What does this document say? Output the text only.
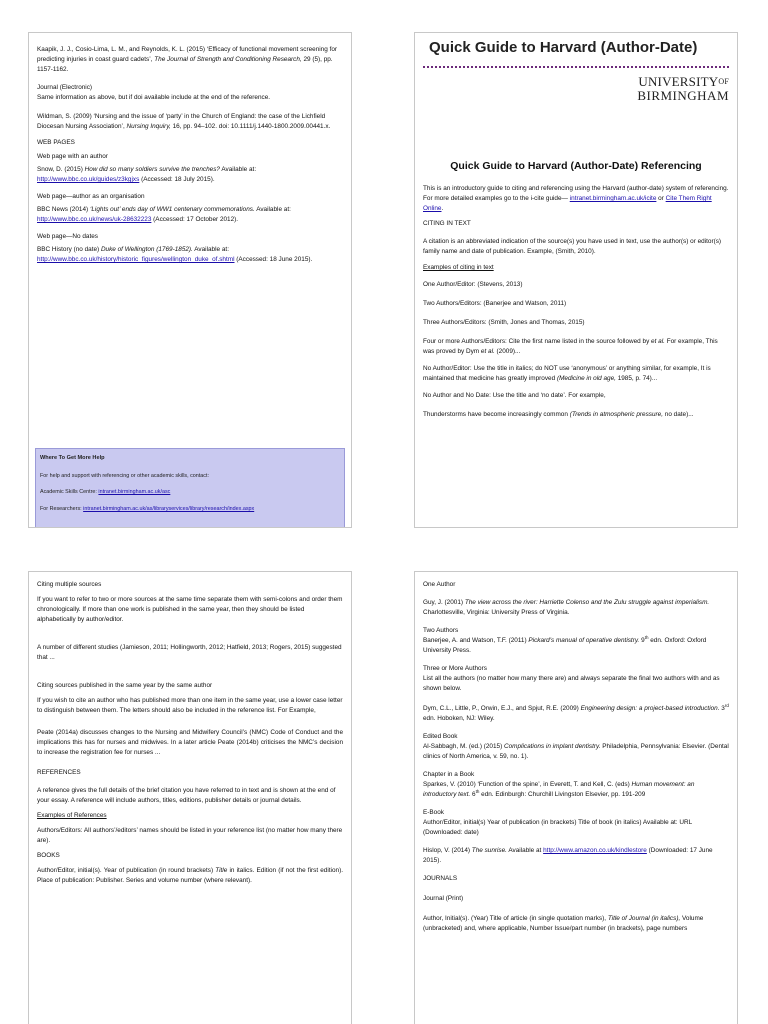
Kaapik, J. J., Cosio-Lima, L. M., and Reynolds, K. L. (2015) ‘Efficacy of functional movement screening for predicting injuries in coast guard cadets’, The Journal of Strength and Conditioning Research, 29 (5), pp. 1157-1162.

Journal (Electronic)

Same information as above, but if doi available include at the end of the reference.

Wildman, S. (2009) ‘Nursing and the issue of ‘party’ in the Church of England: the case of the Lichfield Diocesan Nursing Association’, Nursing Inquiry, 16, pp. 94–102. doi: 10.1111/j.1440-1800.2009.00441.x.

WEB PAGES
Web page with an author

Snow, D. (2015) How did so many soldiers survive the trenches? Available at: http://www.bbc.co.uk/guides/z3kgjxs (Accessed: 18 July 2015).

Web page—author as an organisation

BBC News (2014) ‘Lights out’ ends day of WW1 centenary commemorations. Available at: http://www.bbc.co.uk/news/uk-28632223 (Accessed: 17 October 2012).

Web page—No dates

BBC History (no date) Duke of Wellington (1769-1852). Available at: http://www.bbc.co.uk/history/historic_figures/wellington_duke_of.shtml (Accessed: 18 June 2015).

Where To Get More Help
For help and support with referencing or other academic skills, contact:
Academic Skills Centre: intranet.birmingham.ac.uk/asc
For Researchers: intranet.birmingham.ac.uk/as/libraryservices/library/research/index.aspx
Quick Guide to Harvard (Author-Date)
$UNIVERSITY^{OF}$
BIRMINGHAM
Quick Guide to Harvard (Author-Date) Referencing

This is an introductory guide to citing and referencing using the Harvard (author-date) system of referencing. For more detailed examples go to the i-cite guide— intranet.birmingham.ac.uk/icite or Cite Them Right Online.

CITING IN TEXT

A citation is an abbreviated indication of the source(s) you have used in text, use the author(s) or editor(s) family name and date of publication. Example, (Smith, 2010).

Examples of citing in text

One Author/Editor: (Stevens, 2013)

Two Authors/Editors: (Banerjee and Watson, 2011)

Three Authors/Editors: (Smith, Jones and Thomas, 2015)

Four or more Authors/Editors: Cite the first name listed in the source followed by et al. For example, This was proved by Dym et al. (2009)...

No Author/Editor: Use the title in italics; do NOT use ‘anonymous’ or anything similar, for example, It is maintained that medicine has greatly improved (Medicine in old age, 1985, p. 74)...

No Author and No Date: Use the title and ‘no date’. For example,

Thunderstorms have become increasingly common (Trends in atmospheric pressure, no date)...

Citing multiple sources

If you want to refer to two or more sources at the same time separate them with semi-colons and order them chronologically. If more than one work is published in the same year, then they should be listed alphabetically by author/editor.

A number of different studies (Jamieson, 2011; Hollingworth, 2012; Hatfield, 2013; Rogers, 2015) suggested that ...

Citing sources published in the same year by the same author

If you wish to cite an author who has published more than one item in the same year, use a lower case letter to distinguish between them. The letters should also be included in the reference list. For Example,

Peate (2014a) discusses changes to the Nursing and Midwifery Council’s (NMC) Code of Conduct and the implications this has for nurses and midwives. In a later article Peate (2014b) criticises the NMC’s decision to increase the registration fee for nurses ...

REFERENCES

A reference gives the full details of the brief citation you have referred to in text and is shown at the end of your essay. A reference will include authors, titles, editions, publisher details or journal details.

Examples of References

Authors/Editors: All authors’/editors’ names should be listed in your reference list (no matter how many there are).

BOOKS

Author/Editor, initial(s). Year of publication (in round brackets) Title in italics. Edition (if not the first edition). Place of publication: Publisher. Series and volume number (where relevant).

One Author

Guy, J. (2001) The view across the river: Harriette Colenso and the Zulu struggle against imperialism. Charlottesville, Virginia: University Press of Virginia.

Two Authors

Banerjee, A. and Watson, T.F. (2011) Pickard’s manual of operative dentistry. 9th edn. Oxford: Oxford University Press.

Three or More Authors

List all the authors (no matter how many there are) and always separate the final two authors with and as shown below.

Dym, C.L., Little, P., Orwin, E.J., and Spjut, R.E. (2009) Engineering design: a project-based introduction. 3rd edn. Hoboken, NJ: Wiley.

Edited Book

Al-Sabbagh, M. (ed.) (2015) Complications in implant dentistry. Philadelphia, Pennsylvania: Elsevier. (Dental clinics of North America, v. 59, no. 1).

Chapter in a Book

Sparkes, V. (2010) ‘Function of the spine’, in Everett, T. and Kell, C. (eds) Human movement: an introductory text. 6th edn. Edinburgh: Churchill Livingston Elsevier, pp. 191-209

E-Book

Author/Editor, initial(s) Year of publication (in brackets) Title of book (in italics) Available at: URL (Downloaded: date)

Hislop, V. (2014) The sunrise. Available at http://www.amazon.co.uk/kindlestore (Downloaded: 17 June 2015).

JOURNALS

Journal (Print)

Author, Initial(s). (Year) Title of article (in single quotation marks), Title of Journal (in italics), Volume (unbracketed) and, where applicable, Number Issue/part number (in brackets), page numbers
